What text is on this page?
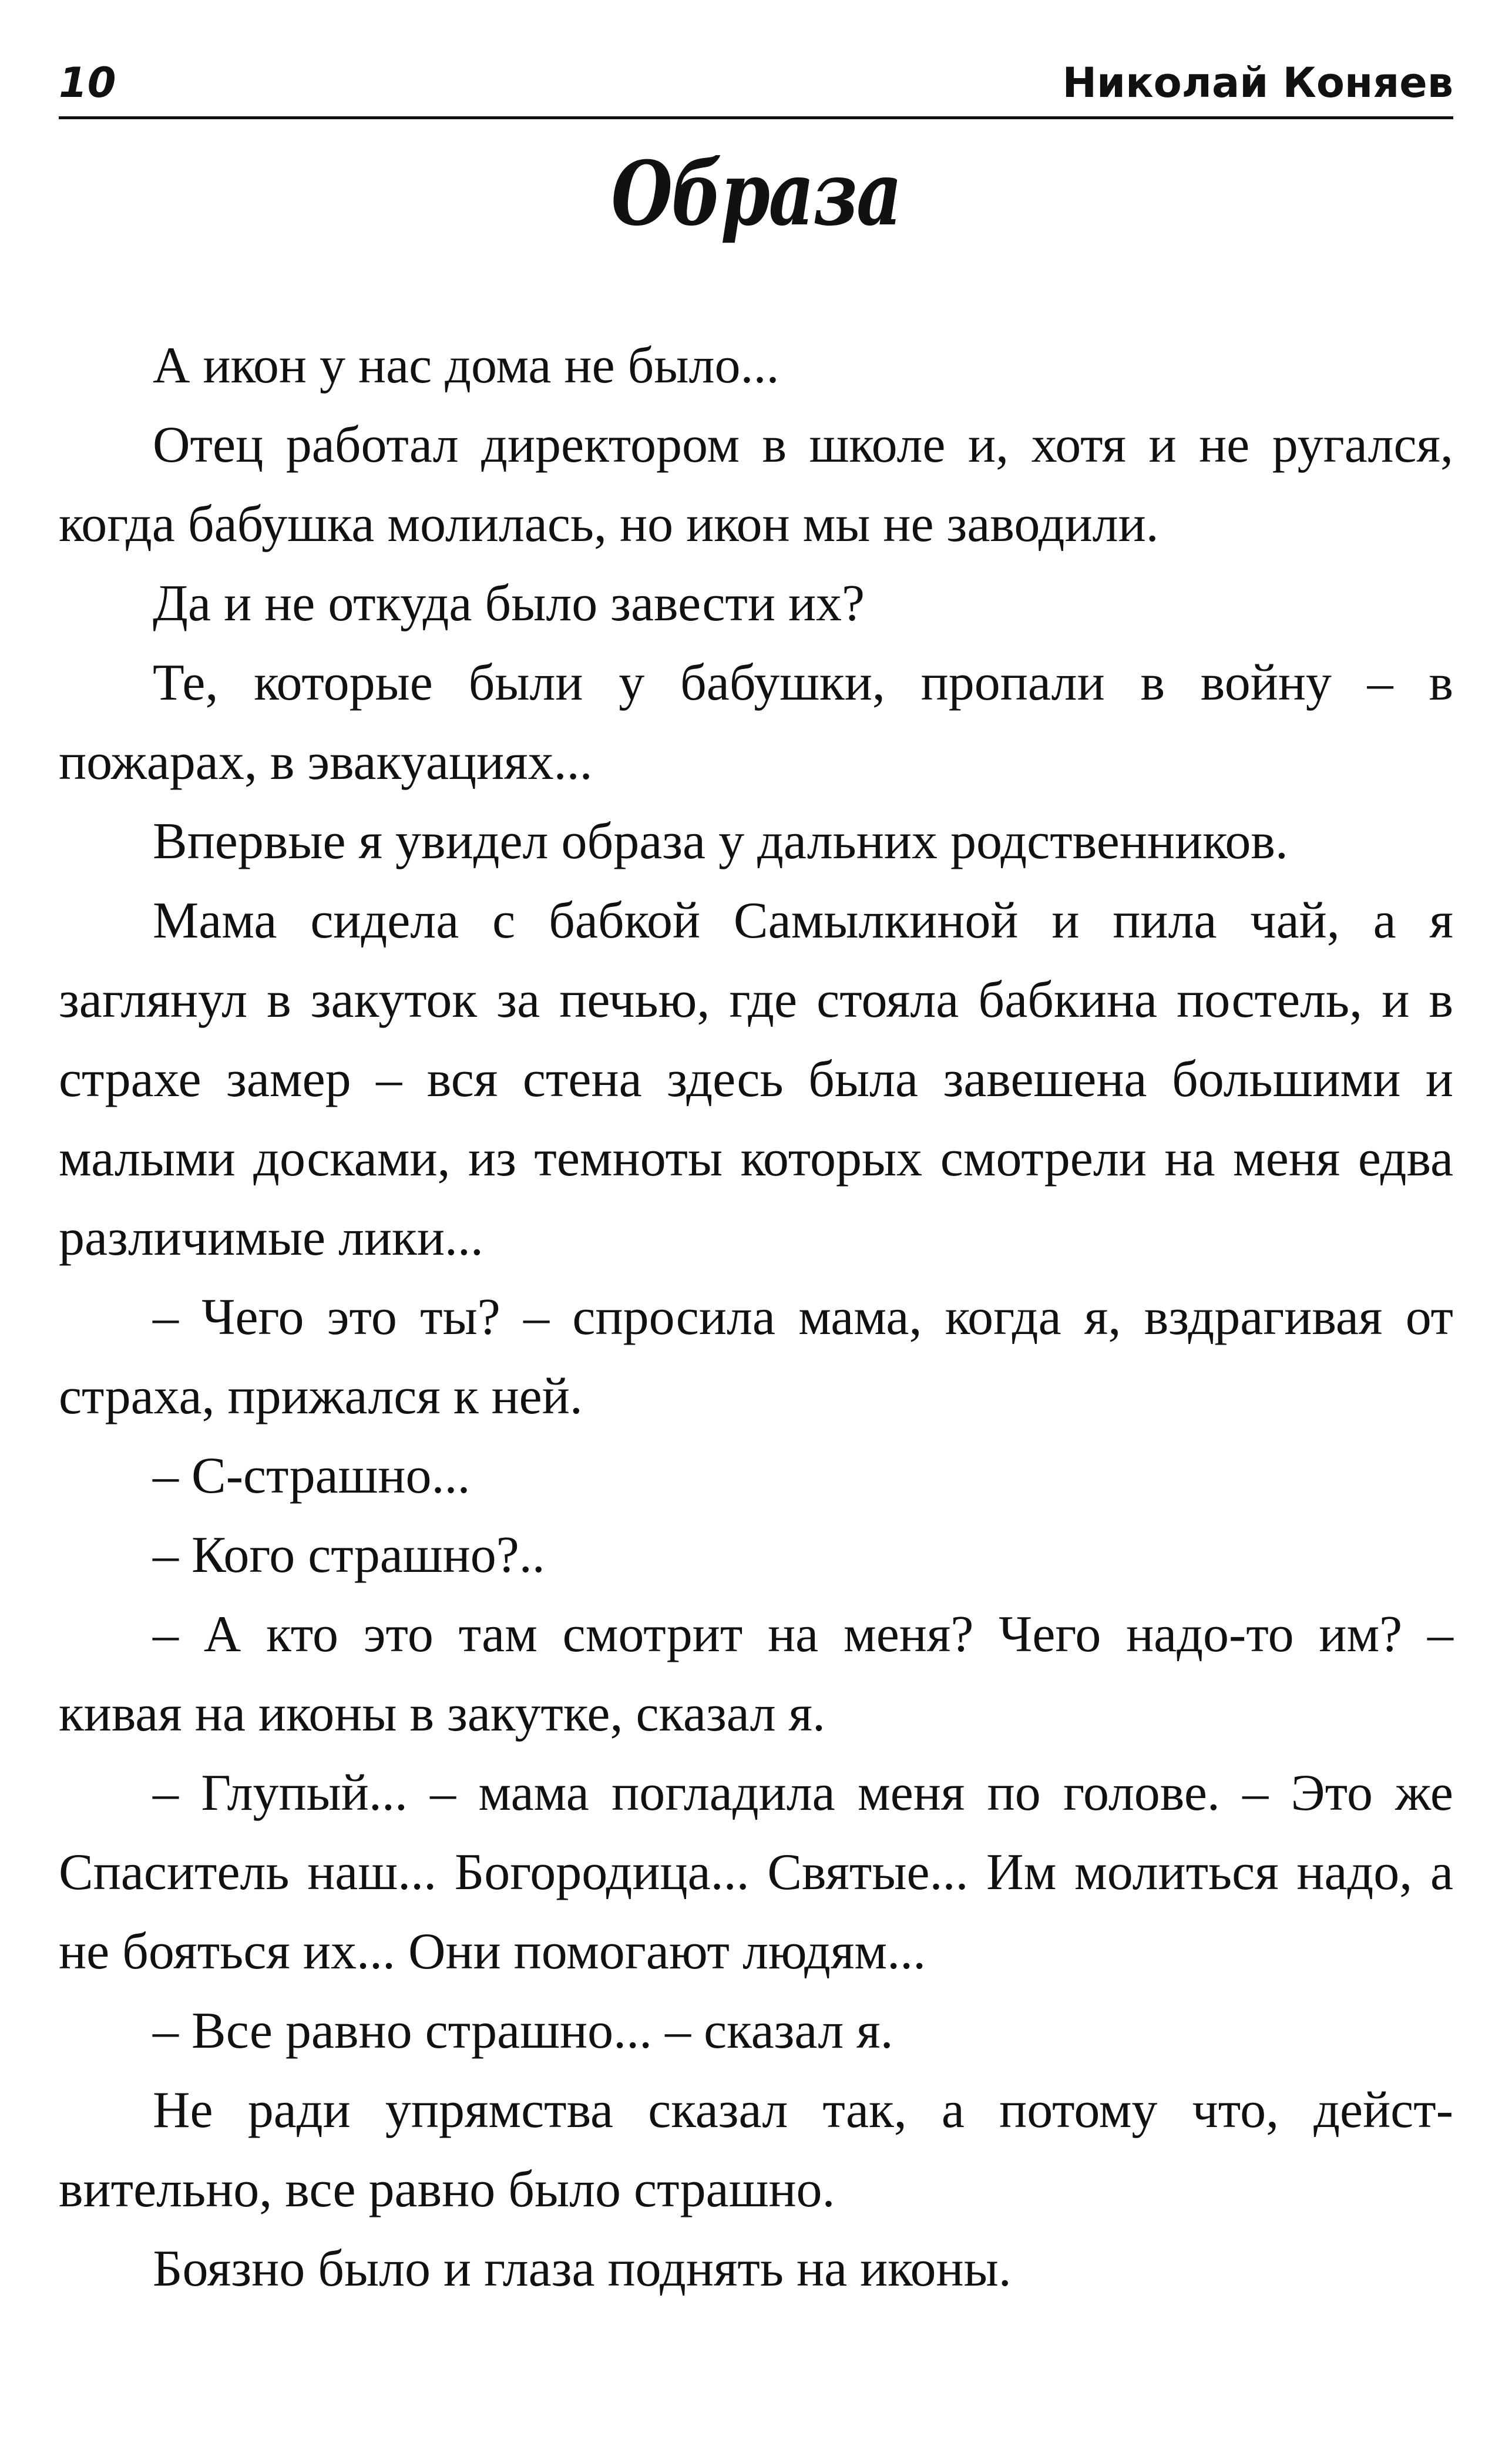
10	Николай Коняев
Образа

А икон у нас дома не было...

Отец работал директором в школе и, хотя и не ругался, когда бабушка молилась, но икон мы не заводили.

Да и не откуда было завести их?

Те, которые были у бабушки, пропали в войну – в пожарах, в эвакуациях...

Впервые я увидел образа у дальних родственников.

Мама сидела с бабкой Самылкиной и пила чай, а я заглянул в закуток за печью, где стояла бабкина постель, и в страхе замер – вся стена здесь была завешена большими и малыми досками, из темноты которых смотрели на меня едва различимые лики...

– Чего это ты? – спросила мама, когда я, вздрагивая от страха, прижался к ней.

– С-страшно...

– Кого страшно?..

– А кто это там смотрит на меня? Чего надо-то им? – кивая на иконы в закутке, сказал я.

– Глупый... – мама погладила меня по голове. – Это же Спаситель наш... Богородица... Святые... Им молиться надо, а не бояться их... Они помогают людям...

– Все равно страшно... – сказал я.

Не ради упрямства сказал так, а потому что, действительно, все равно было страшно.

Боязно было и глаза поднять на иконы.
